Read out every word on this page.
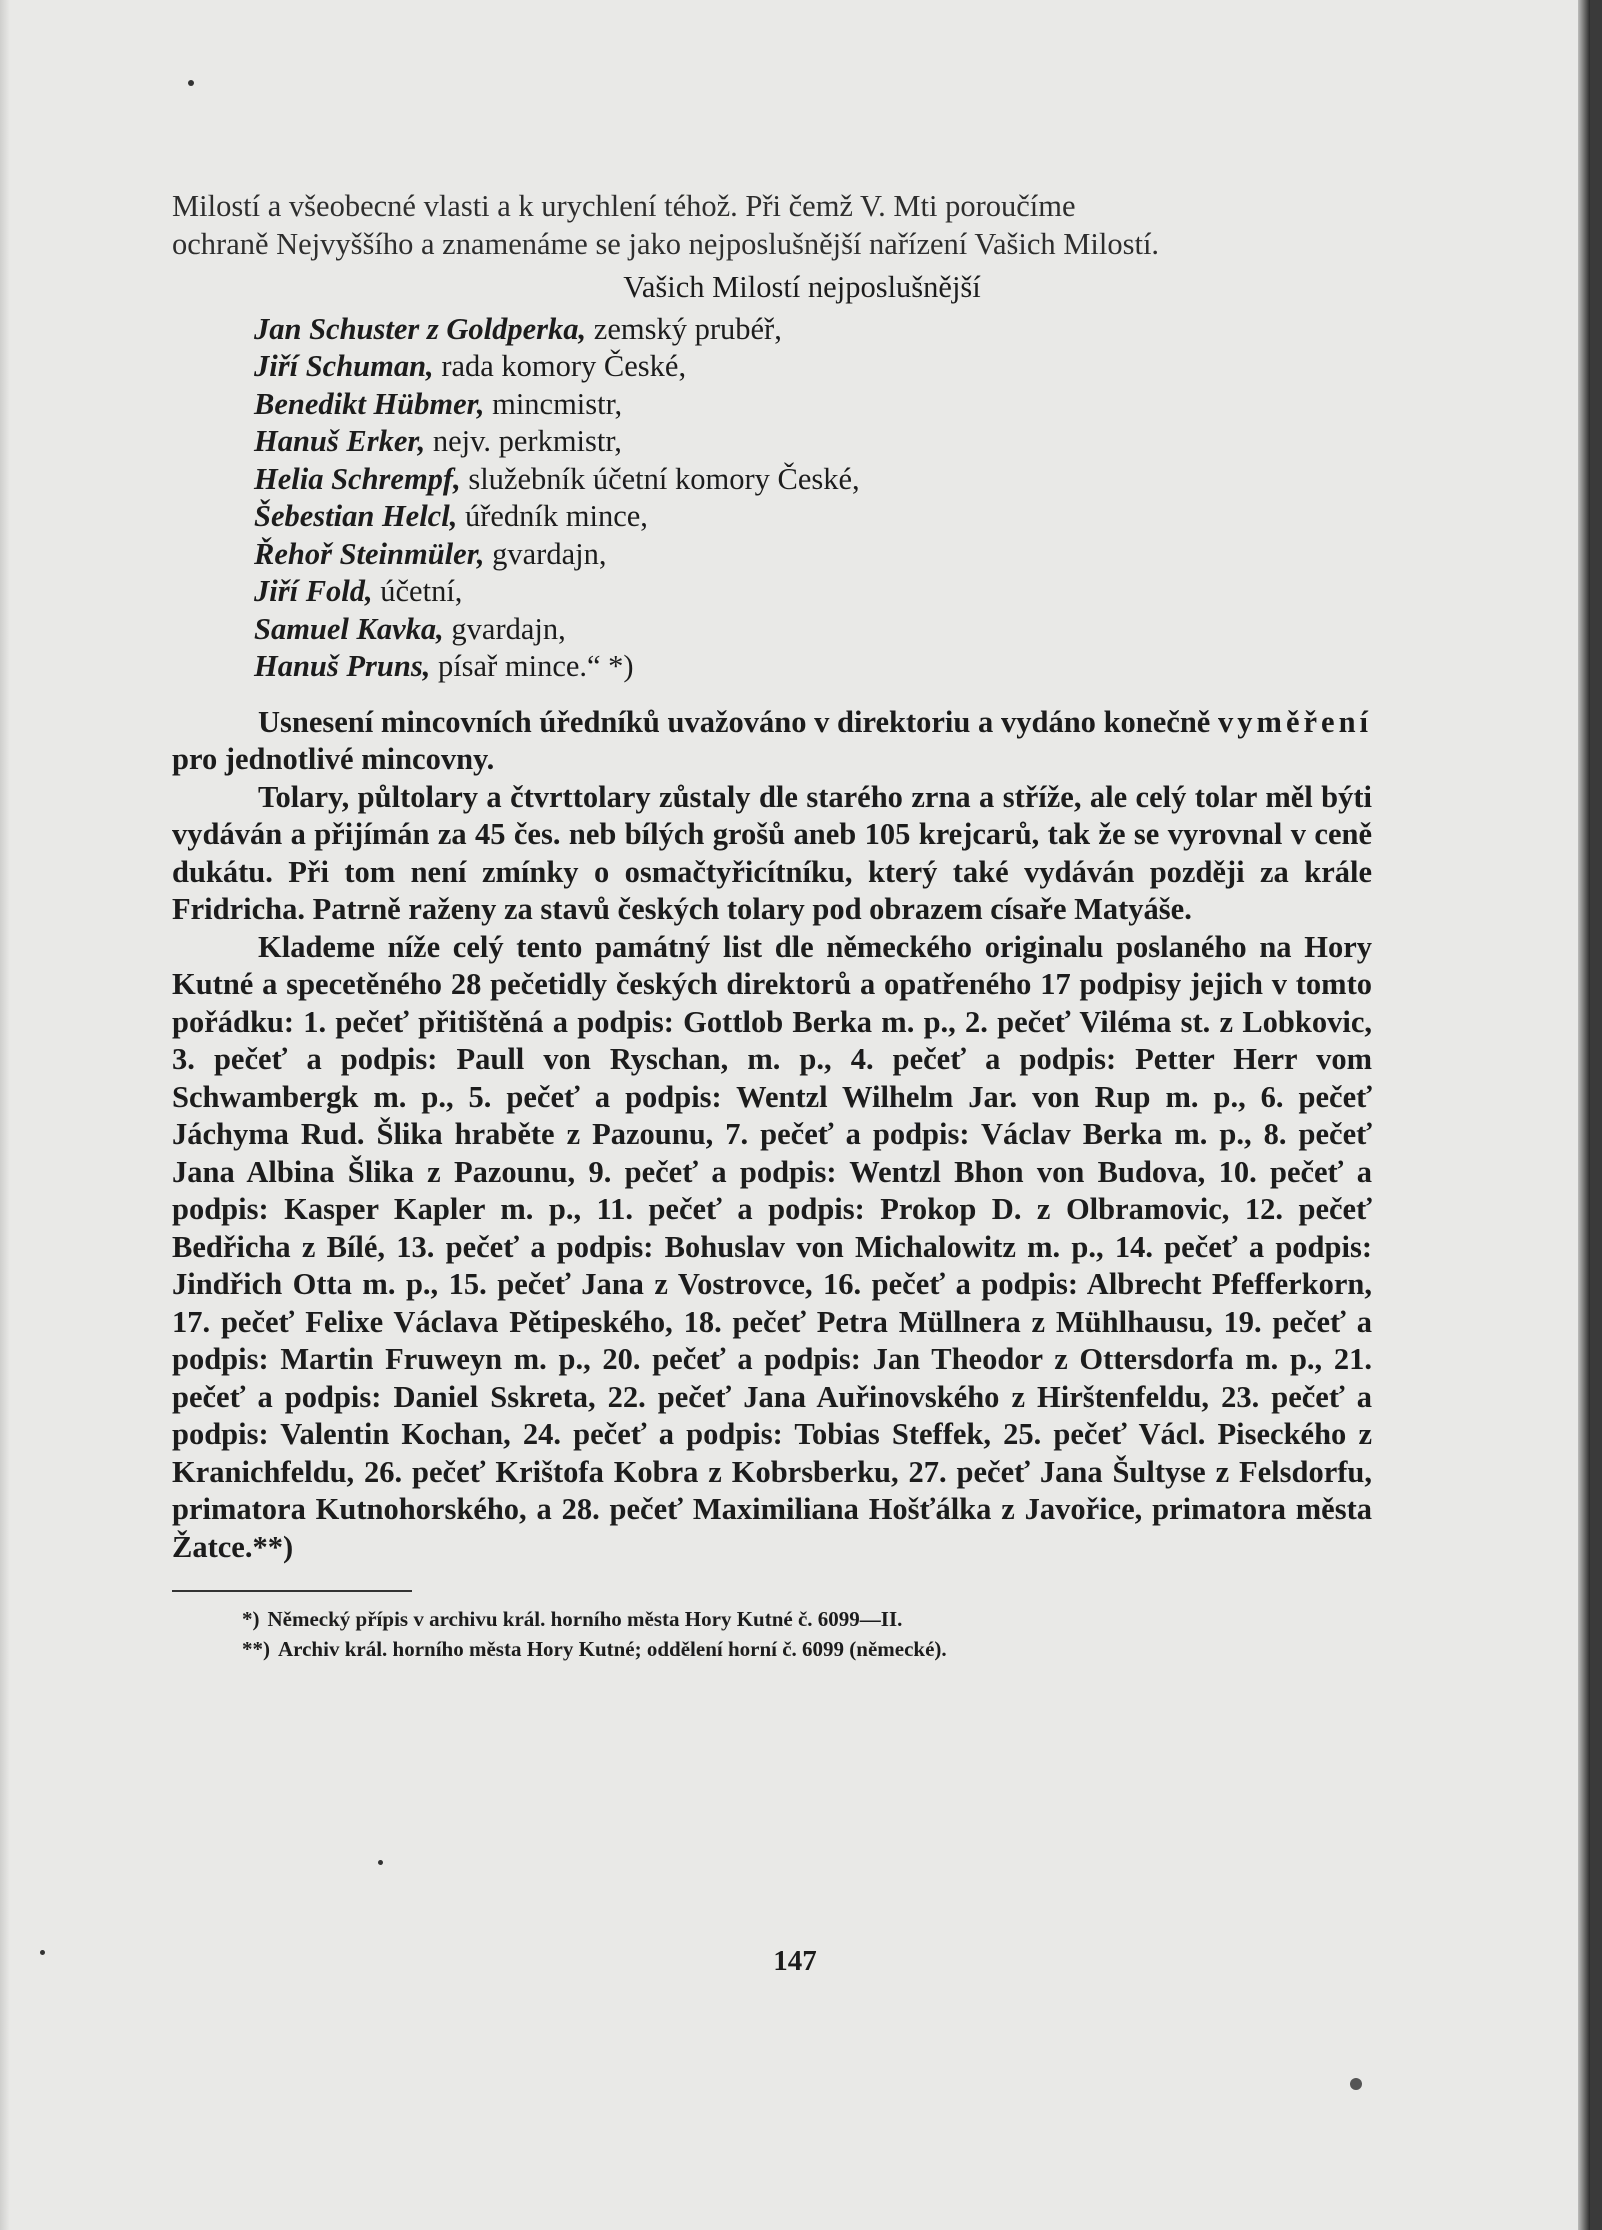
Milostí a všeobecné vlasti a k urychlení téhož. Při čemž V. Mti poroučíme

ochraně Nejvyššího a znamenáme se jako nejposlušnější nařízení Vašich Milostí.

Vašich Milostí nejposlušnější
Jan Schuster z Goldperka, zemský prubéř,
Jiří Schuman, rada komory České,
Benedikt Hübmer, mincmistr,
Hanuš Erker, nejv. perkmistr,
Helia Schrempf, služebník účetní komory České,
Šebestian Helcl, úředník mince,
Řehoř Steinmüler, gvardajn,
Jiří Fold, účetní,
Samuel Kavka, gvardajn,
Hanuš Pruns, písař mince.“ *)

Usnesení mincovních úředníků uvažováno v direktoriu a vydáno konečně vyměření pro jednotlivé mincovny.

Tolary, půltolary a čtvrttolary zůstaly dle starého zrna a stříže, ale celý tolar měl býti vydáván a přijímán za 45 čes. neb bílých grošů aneb 105 krejcarů, tak že se vyrovnal v ceně dukátu. Při tom není zmínky o osmačtyřicítníku, který také vydáván později za krále Fridricha. Patrně raženy za stavů českých tolary pod obrazem císaře Matyáše.

Klademe níže celý tento památný list dle německého originalu poslaného na Hory Kutné a specetěného 28 pečetidly českých direktorů a opatřeného 17 podpisy jejich v tomto pořádku: 1. pečeť přitištěná a podpis: Gottlob Berka m. p., 2. pečeť Viléma st. z Lobkovic, 3. pečeť a podpis: Paull von Ryschan, m. p., 4. pečeť a podpis: Petter Herr vom Schwambergk m. p., 5. pečeť a podpis: Wentzl Wilhelm Jar. von Rup m. p., 6. pečeť Jáchyma Rud. Šlika hraběte z Pazounu, 7. pečeť a podpis: Václav Berka m. p., 8. pečeť Jana Albina Šlika z Pazounu, 9. pečeť a podpis: Wentzl Bhon von Budova, 10. pečeť a podpis: Kasper Kapler m. p., 11. pečeť a podpis: Prokop D. z Olbramovic, 12. pečeť Bedřicha z Bílé, 13. pečeť a podpis: Bohuslav von Michalowitz m. p., 14. pečeť a podpis: Jindřich Otta m. p., 15. pečeť Jana z Vostrovce, 16. pečeť a podpis: Albrecht Pfefferkorn, 17. pečeť Felixe Václava Pětipeského, 18. pečeť Petra Müllnera z Mühlhausu, 19. pečeť a podpis: Martin Fruweyn m. p., 20. pečeť a podpis: Jan Theodor z Ottersdorfa m. p., 21. pečeť a podpis: Daniel Sskreta, 22. pečeť Jana Auřinovského z Hirštenfeldu, 23. pečeť a podpis: Valentin Kochan, 24. pečeť a podpis: Tobias Steffek, 25. pečeť Václ. Piseckého z Kranichfeldu, 26. pečeť Krištofa Kobra z Kobrsberku, 27. pečeť Jana Šultyse z Felsdorfu, primatora Kutnohorského, a 28. pečeť Maximiliana Hošťálka z Javořice, primatora města Žatce.**)

*) Německý přípis v archivu král. horního města Hory Kutné č. 6099—II.

**) Archiv král. horního města Hory Kutné; oddělení horní č. 6099 (německé).

147
